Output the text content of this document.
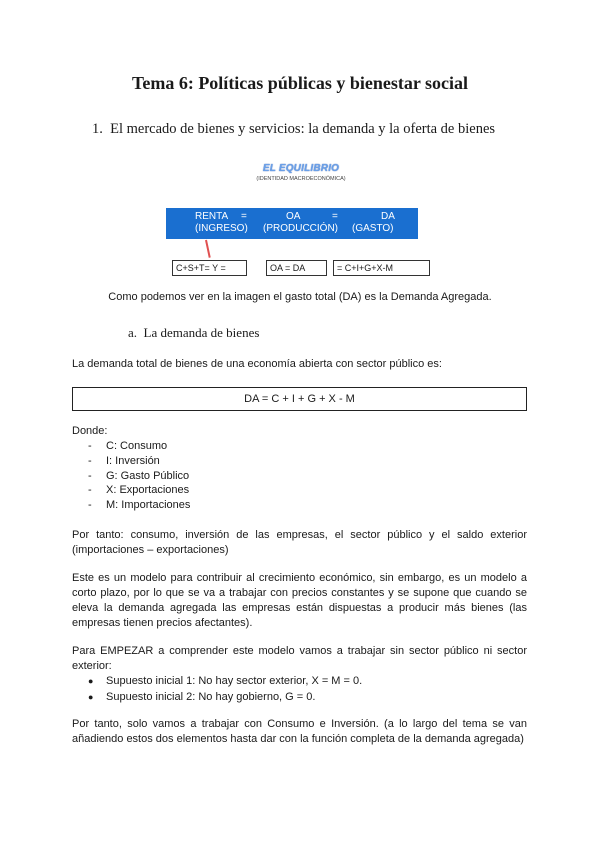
Tema 6: Políticas públicas y bienestar social
1. El mercado de bienes y servicios: la demanda y la oferta de bienes
EL EQUILIBRIO
(IDENTIDAD MACROECONÓMICA)
RENTA =	OA	=	DA
(INGRESO) (PRODUCCIÓN) (GASTO)
C+S+T= Y =	OA = DA	= C+I+G+X-M
Como podemos ver en la imagen el gasto total (DA) es la Demanda Agregada.
a. La demanda de bienes
La demanda total de bienes de una economía abierta con sector público es:
DA = C + I + G + X - M
Donde:
- C: Consumo
- I: Inversión
- G: Gasto Público
- X: Exportaciones
- M: Importaciones
Por tanto: consumo, inversión de las empresas, el sector público y el saldo exterior (importaciones – exportaciones)
Este es un modelo para contribuir al crecimiento económico, sin embargo, es un modelo a corto plazo, por lo que se va a trabajar con precios constantes y se supone que cuando se eleva la demanda agregada las empresas están dispuestas a producir más bienes (las empresas tienen precios afectantes).
Para EMPEZAR a comprender este modelo vamos a trabajar sin sector público ni sector exterior:
● Supuesto inicial 1: No hay sector exterior, X = M = 0.
● Supuesto inicial 2: No hay gobierno, G = 0.
Por tanto, solo vamos a trabajar con Consumo e Inversión. (a lo largo del tema se van añadiendo estos dos elementos hasta dar con la función completa de la demanda agregada)
